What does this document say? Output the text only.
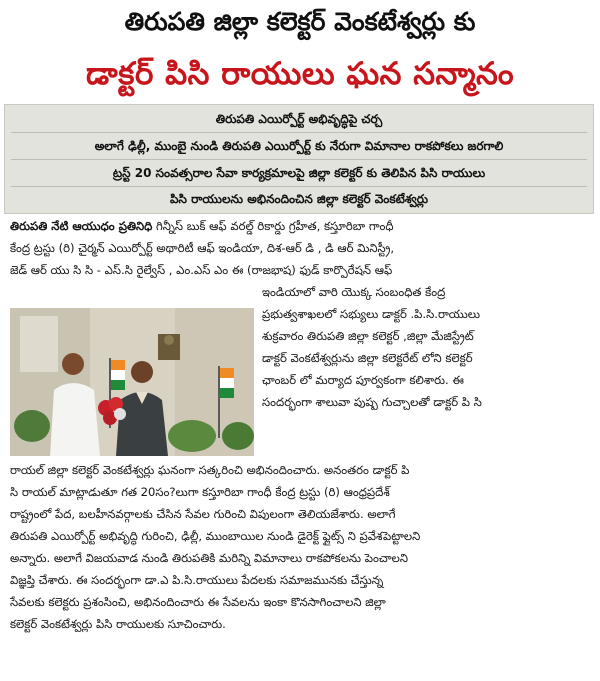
తిరుపతి జిల్లా కలెక్టర్ వెంకటేశ్వర్లు కు
డాక్టర్ పిసి రాయులు ఘన సన్మానం
తిరుపతి ఎయిర్పోర్ట్ అభివృద్ధిపై చర్చ
అలాగే ఢిల్లీ, ముంబై నుండి తిరుపతి ఎయిర్పోర్ట్ కు నేరుగా విమానాల రాకపోకలు జరగాలి
ట్రస్ట్ 20 సంవత్సరాల సేవా కార్యక్రమాలపై జిల్లా కలెక్టర్ కు తెలిపిన పిసి రాయులు
పిసి రాయులను అభినందించిన జిల్లా కలెక్టర్ వెంకటేశ్వర్లు
తిరుపతి నేటి ఆయుధం ప్రతినిధి గిన్నీస్ బుక్ ఆఫ్ వరల్డ్ రికార్డు గ్రహీత, కస్తూరిబా గాంధీ
కేంద్ర ట్రస్టు (రి) చైర్మన్ ఎయిర్పోర్ట్ అథారిటీ ఆఫ్ ఇండియా, దిశ-ఆర్ డి , డి ఆర్ మినిస్ట్రీ,
జెడ్ ఆర్ యు సి సి - ఎస్.సి రైల్వేస్ , ఎం.ఎస్ ఎం ఈ (రాజభాష) ఫుడ్ కార్పొరేషన్ ఆఫ్
ఇండియాలో వారి యొక్క సంబంధిత కేంద్ర
ప్రభుత్వశాఖలలో సభ్యులు డాక్టర్ .పి.సి.రాయులు
శుక్రవారం తిరుపతి జిల్లా కలెక్టర్ ,జిల్లా మేజిస్ట్రేట్
డాక్టర్ వెంకటేశ్వర్లును జిల్లా కలెక్టరేట్ లోని కలెక్టర్
ఛాంబర్ లో మర్యాద పూర్వకంగా కలిశారు. ఈ
సందర్భంగా శాలువా పుష్ప గుచ్చాలతో డాక్టర్ పి సి
రాయల్ జిల్లా కలెక్టర్ వెంకటేశ్వర్లు ఘనంగా సత్కరించి అభినందించారు. అనంతరం డాక్టర్ పి
సి రాయల్ మాట్లాడుతూ గత 20సం?లుగా కస్తూరిబా గాంధీ కేంద్ర ట్రస్టు (రి) ఆంధ్రప్రదేశ్
రాష్ట్రంలో పేద, బలహీనవర్గాలకు చేసిన సేవల గురించి విపులంగా తెలియజేశారు. అలాగే
తిరుపతి ఎయిర్పోర్ట్ అభివృద్ధి గురించి, ఢిల్లీ, ముంబాయిల నుండి డైరెక్ట్ ఫ్లైట్స్ ని ప్రవేశపెట్టాలని
అన్నారు. అలాగే విజయవాడ నుండి తిరుపతికి మరిన్ని విమానాలు రాకపోకలను పెంచాలని
విజ్ఞప్తి చేశారు. ఈ సందర్భంగా డా.ఎ పి.సి.రాయులు పేదలకు సమాజమునకు చేస్తున్న
సేవలకు కలెక్టరు ప్రశంసించి, అభినందించారు ఈ సేవలను ఇంకా కొనసాగించాలని జిల్లా
కలెక్టర్ వెంకటేశ్వర్లు పిసి రాయులకు సూచించారు.
